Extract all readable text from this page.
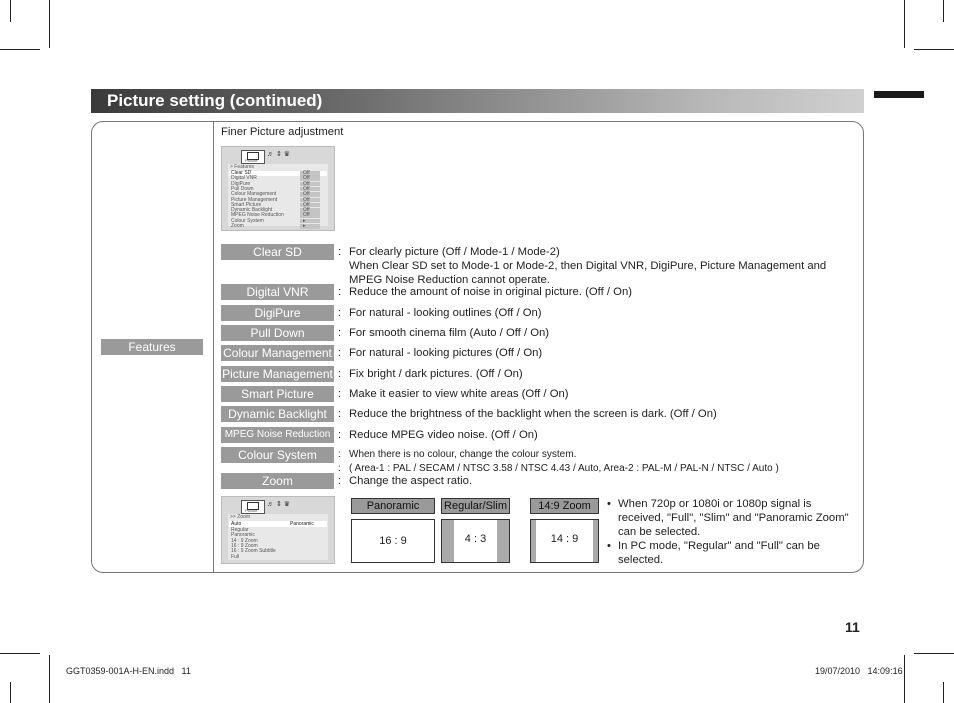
Picture setting (continued)
Features
Finer Picture adjustment
Picture
♬ ⇕ ♛
> Features
Clear SD	Off
Digital VNR	Off
DigiPure	Off
Pull Down	Off
Colour Management	Off
Picture Management	Off
Smart Picture	Off
Dynamic Backlight	Off
MPEG Noise Reduction	Off
Colour System	▸
Zoom	▸
Picture
♬ ⇕ ♛
>> Zoom
Auto	Panoramic
Regular
Panoramic
14 : 9 Zoom
16 : 9 Zoom
16 : 9 Zoom Subtitle
Full
• When 720p or 1080i or 1080p signal is received, "Full", "Slim" and "Panoramic Zoom" can be selected.
• In PC mode, "Regular" and "Full" can be selected.
11
GGT0359-001A-H-EN.indd   11	19/07/2010   14:09:16
Clear SD	: For clearly picture (Off / Mode-1 / Mode-2)
When Clear SD set to Mode-1 or Mode-2, then Digital VNR, DigiPure, Picture Management and
MPEG Noise Reduction cannot operate.
Digital VNR	: Reduce the amount of noise in original picture. (Off / On)
DigiPure	: For natural - looking outlines (Off / On)
Pull Down	: For smooth cinema film (Auto / Off / On)
Colour Management : For natural - looking pictures (Off / On)
Picture Management : Fix bright / dark pictures. (Off / On)
Smart Picture	: Make it easier to view white areas (Off / On)
Dynamic Backlight : Reduce the brightness of the backlight when the screen is dark. (Off / On)
MPEG Noise Reduction : Reduce MPEG video noise. (Off / On)
Colour System	: When there is no colour, change the colour system.
: ( Area-1 : PAL / SECAM / NTSC 3.58 / NTSC 4.43 / Auto, Area-2 : PAL-M / PAL-N / NTSC / Auto )
Zoom	: Change the aspect ratio.
Panoramic
16 : 9
Regular/Slim
4 : 3
14:9 Zoom
14 : 9
